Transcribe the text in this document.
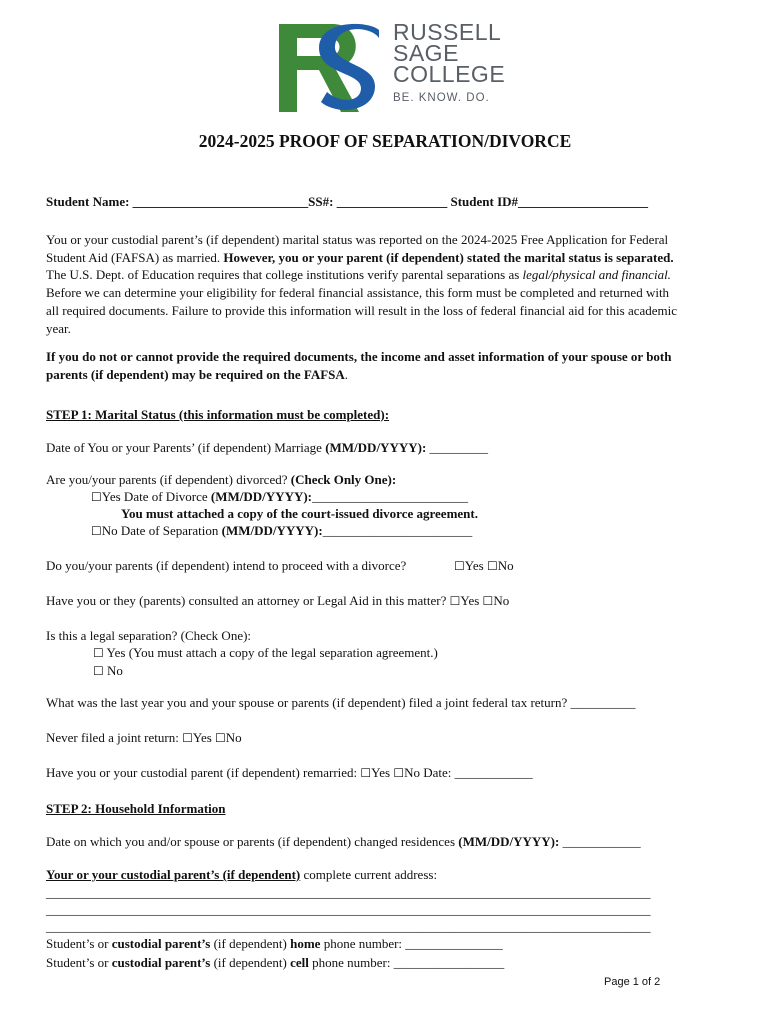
RUSSELL
SAGE
COLLEGE
BE. KNOW. DO.
2024-2025 PROOF OF SEPARATION/DIVORCE
Student Name: ___________________________SS#: _________________ Student ID#____________________
You or your custodial parent’s (if dependent) marital status was reported on the 2024-2025 Free Application for Federal
Student Aid (FAFSA) as married. However, you or your parent (if dependent) stated the marital status is separated.
The U.S. Dept. of Education requires that college institutions verify parental separations as legal/physical and financial.
Before we can determine your eligibility for federal financial assistance, this form must be completed and returned with
all required documents. Failure to provide this information will result in the loss of federal financial aid for this academic
year.
If you do not or cannot provide the required documents, the income and asset information of your spouse or both
parents (if dependent) may be required on the FAFSA.
STEP 1: Marital Status (this information must be completed):
Date of You or your Parents’ (if dependent) Marriage (MM/DD/YYYY): _________
Are you/your parents (if dependent) divorced? (Check Only One):
☐Yes Date of Divorce (MM/DD/YYYY):________________________
You must attached a copy of the court-issued divorce agreement.
☐No Date of Separation (MM/DD/YYYY):_______________________
Do you/your parents (if dependent) intend to proceed with a divorce?	☐Yes ☐No
Have you or they (parents) consulted an attorney or Legal Aid in this matter? ☐Yes ☐No
Is this a legal separation? (Check One):
☐ Yes (You must attach a copy of the legal separation agreement.)
☐ No
What was the last year you and your spouse or parents (if dependent) filed a joint federal tax return? __________
Never filed a joint return: ☐Yes ☐No
Have you or your custodial parent (if dependent) remarried: ☐Yes ☐No Date: ____________
STEP 2: Household Information
Date on which you and/or spouse or parents (if dependent) changed residences (MM/DD/YYYY): ____________
Your or your custodial parent’s (if dependent) complete current address:
_____________________________________________________________________________________________
_____________________________________________________________________________________________
_____________________________________________________________________________________________
Student’s or custodial parent’s (if dependent) home phone number: _______________
Student’s or custodial parent’s (if dependent) cell phone number: _________________
Page 1 of 2
